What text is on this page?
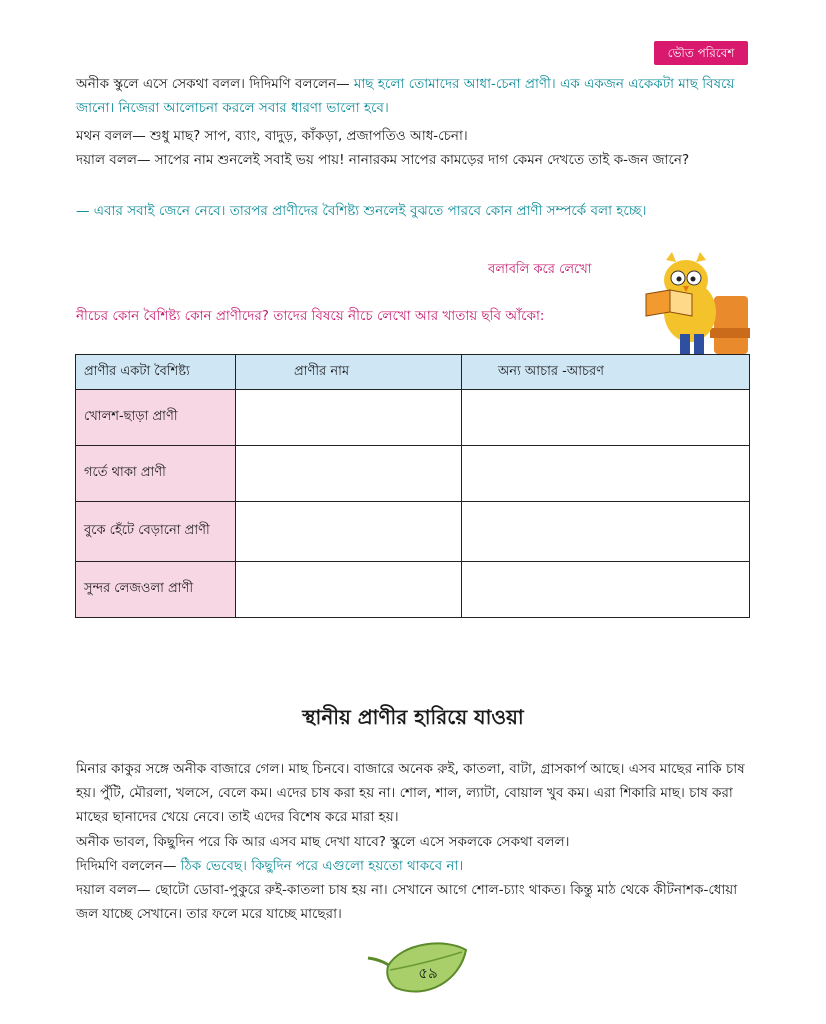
ভৌত পরিবেশ

অনীক স্কুলে এসে সেকথা বলল। দিদিমণি বললেন— মাছ হলো তোমাদের আধা-চেনা প্রাণী। এক একজন একেকটা মাছ বিষয়ে জানো। নিজেরা আলোচনা করলে সবার ধারণা ভালো হবে।

মথন বলল— শুধু মাছ? সাপ, ব্যাং, বাদুড়, কাঁকড়া, প্রজাপতিও আধ-চেনা।

দয়াল বলল— সাপের নাম শুনলেই সবাই ভয় পায়! নানারকম সাপের কামড়ের দাগ কেমন দেখতে তাই ক-জন জানে?

— এবার সবাই জেনে নেবে। তারপর প্রাণীদের বৈশিষ্ট্য শুনলেই বুঝতে পারবে কোন প্রাণী সম্পর্কে বলা হচ্ছে।

বলাবলি করে লেখো

নীচের কোন বৈশিষ্ট্য কোন প্রাণীদের? তাদের বিষয়ে নীচে লেখো আর খাতায় ছবি আঁকো:

প্রাণীর একটা বৈশিষ্ট্য	প্রাণীর নাম	অন্য আচার -আচরণ
খোলশ-ছাড়া প্রাণী		
গর্তে থাকা প্রাণী		
বুকে হেঁটে বেড়ানো প্রাণী		
সুন্দর লেজওলা প্রাণী		
স্থানীয় প্রাণীর হারিয়ে যাওয়া

মিনার কাকুর সঙ্গে অনীক বাজারে গেল। মাছ চিনবে। বাজারে অনেক রুই, কাতলা, বাটা, গ্রাসকার্প আছে। এসব মাছের নাকি চাষ হয়। পুঁটি, মৌরলা, খলসে, বেলে কম। এদের চাষ করা হয় না। শোল, শাল, ল্যাটা, বোয়াল খুব কম। এরা শিকারি মাছ। চাষ করা মাছের ছানাদের খেয়ে নেবে। তাই এদের বিশেষ করে মারা হয়।

অনীক ভাবল, কিছুদিন পরে কি আর এসব মাছ দেখা যাবে? স্কুলে এসে সকলকে সেকথা বলল।

দিদিমণি বললেন— ঠিক ভেবেছ। কিছুদিন পরে এগুলো হয়তো থাকবে না।

দয়াল বলল— ছোটো ডোবা-পুকুরে রুই-কাতলা চাষ হয় না। সেখানে আগে শোল-চ্যাং থাকত। কিন্তু মাঠ থেকে কীটনাশক-ধোয়া জল যাচ্ছে সেখানে। তার ফলে মরে যাচ্ছে মাছেরা।

৫৯
